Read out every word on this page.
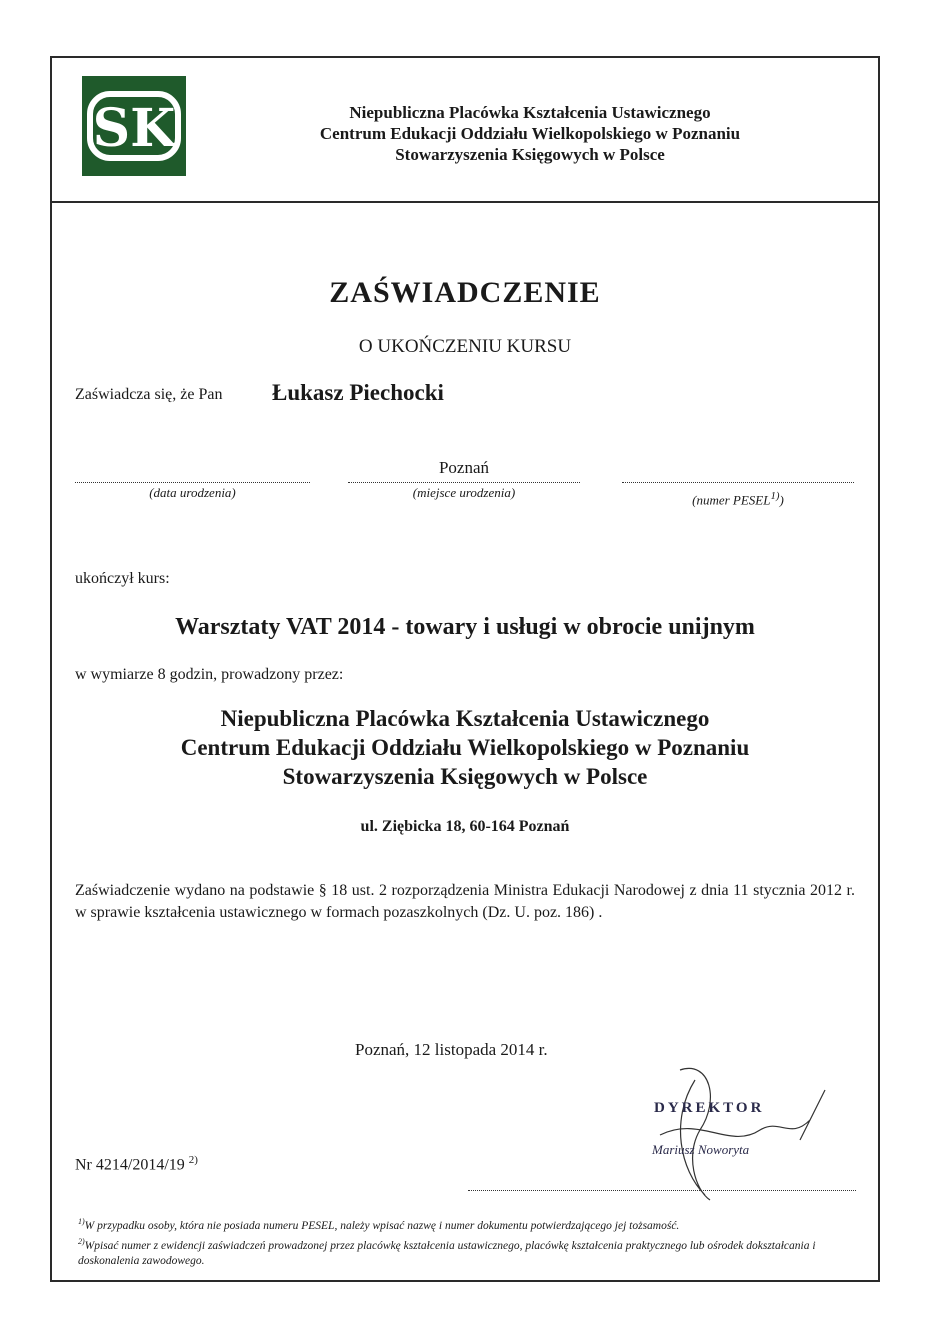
SK	Niepubliczna Placówka Kształcenia Ustawicznego
Centrum Edukacji Oddziału Wielkopolskiego w Poznaniu
Stowarzyszenia Księgowych w Polsce
ZAŚWIADCZENIE
O UKOŃCZENIU KURSU
Zaświadcza się, że Pan Łukasz Piechocki
(data urodzenia)
Poznań
(miejsce urodzenia)	(numer PESEL$^{1)}$)
ukończył kurs:
Warsztaty VAT 2014 - towary i usługi w obrocie unijnym
w wymiarze 8 godzin, prowadzony przez:
Niepubliczna Placówka Kształcenia Ustawicznego
Centrum Edukacji Oddziału Wielkopolskiego w Poznaniu
Stowarzyszenia Księgowych w Polsce
ul. Ziębicka 18, 60-164 Poznań
Zaświadczenie wydano na podstawie § 18 ust. 2 rozporządzenia Ministra Edukacji Narodowej z dnia 11 stycznia 2012 r. w sprawie kształcenia ustawicznego w formach pozaszkolnych (Dz. U. poz. 186) .
Poznań, 12 listopada 2014 r.
Nr 4214/2014/19 $^{2)}$
DYREKTOR
Mariusz Noworyta
$^{1)}$W przypadku osoby, która nie posiada numeru PESEL, należy wpisać nazwę i numer dokumentu potwierdzającego jej tożsamość.
$^{2)}$Wpisać numer z ewidencji zaświadczeń prowadzonej przez placówkę kształcenia ustawicznego, placówkę kształcenia praktycznego lub ośrodek dokształcania i doskonalenia zawodowego.
